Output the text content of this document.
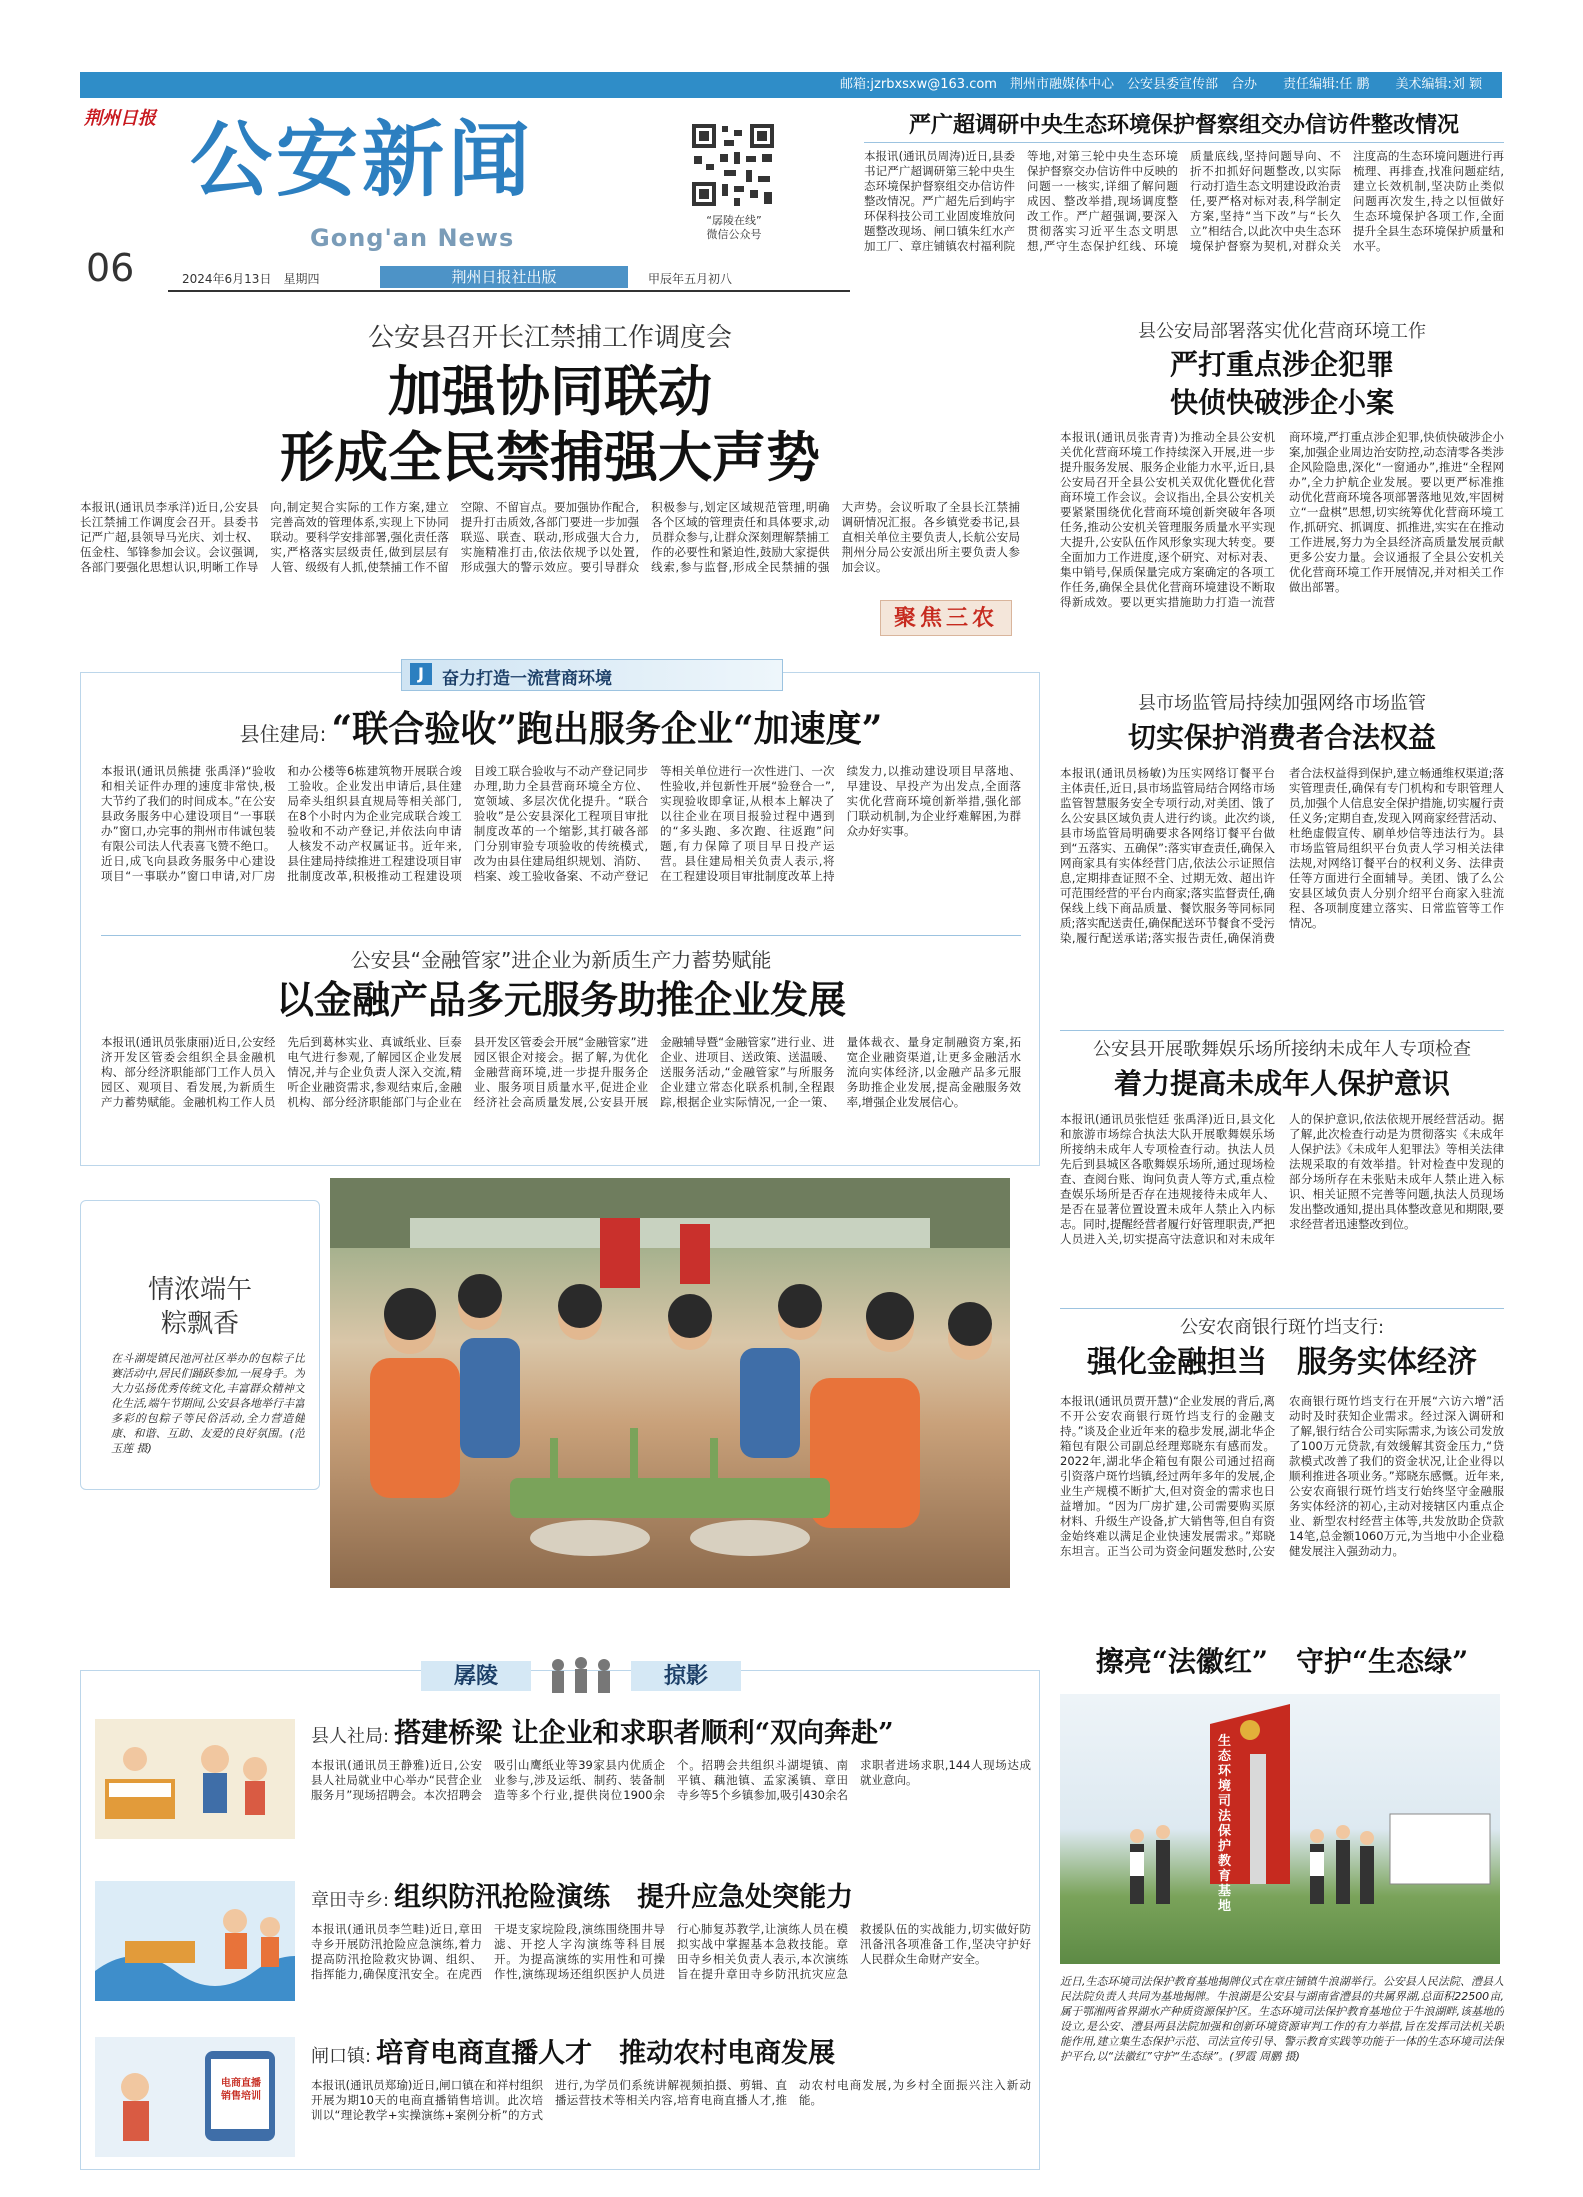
邮箱:jzrbxsxw@163.com　荆州市融媒体中心　公安县委宣传部　合办　　责任编辑:任 鹏　　美术编辑:刘 颖
荆州日报 公安新闻
Gong'an News
“孱陵在线”
微信公众号
06	2024年6月13日　星期四	荆州日报社出版	甲辰年五月初八
严广超调研中央生态环境保护督察组交办信访件整改情况
本报讯(通讯员周涛)近日,县委书记严广超调研第三轮中央生态环境保护督察组交办信访件整改情况。严广超先后到屿宇环保科技公司工业固废堆放问题整改现场、闸口镇朱红水产加工厂、章庄铺镇农村福利院等地,对第三轮中央生态环境保护督察交办信访件中反映的问题一一核实,详细了解问题成因、整改举措,现场调度整改工作。严广超强调,要深入贯彻落实习近平生态文明思想,严守生态保护红线、环境质量底线,坚持问题导向、不折不扣抓好问题整改,以实际行动打造生态文明建设政治责任,要严格对标对表,科学制定方案,坚持“当下改”与“长久立”相结合,以此次中央生态环境保护督察为契机,对群众关注度高的生态环境问题进行再梳理、再排查,找准问题症结,建立长效机制,坚决防止类似问题再次发生,持之以恒做好生态环境保护各项工作,全面提升全县生态环境保护质量和水平。
公安县召开长江禁捕工作调度会
加强协同联动
形成全民禁捕强大声势
本报讯(通讯员李承洋)近日,公安县长江禁捕工作调度会召开。县委书记严广超,县领导马光庆、刘士权、伍金柱、邹锋参加会议。会议强调,各部门要强化思想认识,明晰工作导向,制定契合实际的工作方案,建立完善高效的管理体系,实现上下协同联动。要科学安排部署,强化责任落实,严格落实层级责任,做到层层有人管、级级有人抓,使禁捕工作不留空隙、不留盲点。要加强协作配合,提升打击质效,各部门要进一步加强联巡、联查、联动,形成强大合力,实施精准打击,依法依规予以处置,形成强大的警示效应。要引导群众积极参与,划定区域规范管理,明确各个区域的管理责任和具体要求,动员群众参与,让群众深刻理解禁捕工作的必要性和紧迫性,鼓励大家提供线索,参与监督,形成全民禁捕的强大声势。会议听取了全县长江禁捕调研情况汇报。各乡镇党委书记,县直相关单位主要负责人,长航公安局荆州分局公安派出所主要负责人参加会议。
聚焦三农
县公安局部署落实优化营商环境工作
严打重点涉企犯罪
快侦快破涉企小案
本报讯(通讯员张青青)为推动全县公安机关优化营商环境工作持续深入开展,进一步提升服务发展、服务企业能力水平,近日,县公安局召开全县公安机关双优化暨优化营商环境工作会议。会议指出,全县公安机关要紧紧围绕优化营商环境创新突破年各项任务,推动公安机关管理服务质量水平实现大提升,公安队伍作风形象实现大转变。要全面加力工作进度,逐个研究、对标对表、集中销号,保质保量完成方案确定的各项工作任务,确保全县优化营商环境建设不断取得新成效。要以更实措施助力打造一流营商环境,严打重点涉企犯罪,快侦快破涉企小案,加强企业周边治安防控,动态清零各类涉企风险隐患,深化“一窗通办”,推进“全程网办”,全力护航企业发展。要以更严标准推动优化营商环境各项部署落地见效,牢固树立“一盘棋”思想,切实统筹优化营商环境工作,抓研究、抓调度、抓推进,实实在在推动工作进展,努力为全县经济高质量发展贡献更多公安力量。会议通报了全县公安机关优化营商环境工作开展情况,并对相关工作做出部署。
J	奋力打造一流营商环境
县住建局: “联合验收”跑出服务企业“加速度”
本报讯(通讯员熊捷 张禹泽)“验收和相关证件办理的速度非常快,极大节约了我们的时间成本。”在公安县政务服务中心建设项目“一事联办”窗口,办完事的荆州市伟诚包装有限公司法人代表喜飞赞不绝口。近日,成飞向县政务服务中心建设项目“一事联办”窗口申请,对厂房和办公楼等6栋建筑物开展联合竣工验收。企业发出申请后,县住建局牵头组织县直规局等相关部门,在8个小时内为企业完成联合竣工验收和不动产登记,并依法向申请人核发不动产权属证书。近年来,县住建局持续推进工程建设项目审批制度改革,积极推动工程建设项目竣工联合验收与不动产登记同步办理,助力全县营商环境全方位、宽领域、多层次优化提升。“联合验收”是公安县深化工程项目审批制度改革的一个缩影,其打破各部门分别审验专项验收的传统模式,改为由县住建局组织规划、消防、档案、竣工验收备案、不动产登记等相关单位进行一次性进门、一次性验收,并包新性开展“验登合一”,实现验收即拿证,从根本上解决了以往企业在项目报验过程中遇到的“多头跑、多次跑、往返跑”问题,有力保障了项目早日投产运营。县住建局相关负责人表示,将在工程建设项目审批制度改革上持续发力,以推动建设项目早落地、早建设、早投产为出发点,全面落实优化营商环境创新举措,强化部门联动机制,为企业纾难解困,为群众办好实事。
公安县“金融管家”进企业为新质生产力蓄势赋能
以金融产品多元服务助推企业发展
本报讯(通讯员张康丽)近日,公安经济开发区管委会组织全县金融机构、部分经济职能部门工作人员入园区、观项目、看发展,为新质生产力蓄势赋能。金融机构工作人员先后到葛林实业、真诚纸业、巨泰电气进行参观,了解园区企业发展情况,并与企业负责人深入交流,精听企业融资需求,参观结束后,金融机构、部分经济职能部门与企业在县开发区管委会开展“金融管家”进园区银企对接会。据了解,为优化金融营商环境,进一步提升服务企业、服务项目质量水平,促进企业经济社会高质量发展,公安县开展金融辅导暨“金融管家”进行业、进企业、进项目、送政策、送温暖、送服务活动,“金融管家”与所服务企业建立常态化联系机制,全程跟踪,根据企业实际情况,一企一策、量体裁衣、量身定制融资方案,拓宽企业融资渠道,让更多金融活水流向实体经济,以金融产品多元服务助推企业发展,提高金融服务效率,增强企业发展信心。
县市场监管局持续加强网络市场监管
切实保护消费者合法权益
本报讯(通讯员杨敏)为压实网络订餐平台主体责任,近日,县市场监管局结合网络市场监管智慧服务安全专项行动,对美团、饿了么公安县区域负责人进行约谈。此次约谈,县市场监管局明确要求各网络订餐平台做到“五落实、五确保”:落实审查责任,确保入网商家具有实体经营门店,依法公示证照信息,定期排查证照不全、过期无效、超出许可范围经营的平台内商家;落实监督责任,确保线上线下商品质量、餐饮服务等同标同质;落实配送责任,确保配送环节餐食不受污染,履行配送承诺;落实报告责任,确保消费者合法权益得到保护,建立畅通维权渠道;落实管理责任,确保有专门机构和专职管理人员,加强个人信息安全保护措施,切实履行责任义务;定期自查,发现入网商家经营活动、杜绝虚假宣传、刷单炒信等违法行为。县市场监管局组织平台负责人学习相关法律法规,对网络订餐平台的权利义务、法律责任等方面进行全面辅导。美团、饿了么公安县区域负责人分别介绍平台商家入驻流程、各项制度建立落实、日常监管等工作情况。
公安县开展歌舞娱乐场所接纳未成年人专项检查
着力提高未成年人保护意识
本报讯(通讯员张恺廷 张禹泽)近日,县文化和旅游市场综合执法大队开展歌舞娱乐场所接纳未成年人专项检查行动。执法人员先后到县城区各歌舞娱乐场所,通过现场检查、查阅台账、询问负责人等方式,重点检查娱乐场所是否存在违规接待未成年人、是否在显著位置设置未成年人禁止入内标志。同时,提醒经营者履行好管理职责,严把人员进入关,切实提高守法意识和对未成年人的保护意识,依法依规开展经营活动。据了解,此次检查行动是为贯彻落实《未成年人保护法》《未成年人犯罪法》等相关法律法规采取的有效举措。针对检查中发现的部分场所存在未张贴未成年人禁止进入标识、相关证照不完善等问题,执法人员现场发出整改通知,提出具体整改意见和期限,要求经营者迅速整改到位。
公安农商银行斑竹垱支行:
强化金融担当　服务实体经济
本报讯(通讯员贾开慧)“企业发展的背后,离不开公安农商银行斑竹垱支行的金融支持。”谈及企业近年来的稳步发展,湖北华企箱包有限公司副总经理郑晓东有感而发。2022年,湖北华企箱包有限公司通过招商引资落户斑竹垱镇,经过两年多年的发展,企业生产规模不断扩大,但对资金的需求也日益增加。“因为厂房扩建,公司需要购买原材料、升级生产设备,扩大销售等,但自有资金始终难以满足企业快速发展需求。”郑晓东坦言。正当公司为资金问题发愁时,公安农商银行斑竹垱支行在开展“六访六增”活动时及时获知企业需求。经过深入调研和了解,银行结合公司实际需求,为该公司发放了100万元贷款,有效缓解其资金压力,“贷款模式改善了我们的资金状况,让企业得以顺利推进各项业务。”郑晓东感慨。近年来,公安农商银行斑竹垱支行始终坚守金融服务实体经济的初心,主动对接辖区内重点企业、新型农村经营主体等,共发放助企贷款14笔,总金额1060万元,为当地中小企业稳健发展注入强劲动力。
情浓端午
粽飘香
在斗湖堤镇民池河社区举办的包粽子比赛活动中,居民们踊跃参加,一展身手。为大力弘扬优秀传统文化,丰富群众精神文化生活,端午节期间,公安县各地举行丰富多彩的包粽子等民俗活动,全力营造健康、和谐、互助、友爱的良好氛围。(范玉莲 摄)
孱陵	掠影
县人社局: 搭建桥梁 让企业和求职者顺利“双向奔赴”
本报讯(通讯员王静雅)近日,公安县人社局就业中心举办“民营企业服务月”现场招聘会。本次招聘会吸引山鹰纸业等39家县内优质企业参与,涉及运纸、制药、装备制造等多个行业,提供岗位1900余个。招聘会共组织斗湖堤镇、南平镇、藕池镇、孟家溪镇、章田寺乡等5个乡镇参加,吸引430余名求职者进场求职,144人现场达成就业意向。
章田寺乡: 组织防汛抢险演练　提升应急处突能力
本报讯(通讯员李竺畦)近日,章田寺乡开展防汛抢险应急演练,着力提高防汛抢险救灾协调、组织、指挥能力,确保度汛安全。在虎西干堤支家垸险段,演练围绕围井导滤、开挖人字沟演练等科目展开。为提高演练的实用性和可操作性,演练现场还组织医护人员进行心肺复苏教学,让演练人员在模拟实战中掌握基本急救技能。章田寺乡相关负责人表示,本次演练旨在提升章田寺乡防汛抗灾应急救援队伍的实战能力,切实做好防汛备汛各项准备工作,坚决守护好人民群众生命财产安全。
电商直播
销售培训
闸口镇: 培育电商直播人才　推动农村电商发展
本报讯(通讯员郑瑜)近日,闸口镇在和祥村组织开展为期10天的电商直播销售培训。此次培训以“理论教学+实操演练+案例分析”的方式进行,为学员们系统讲解视频拍摄、剪辑、直播运营技术等相关内容,培育电商直播人才,推动农村电商发展,为乡村全面振兴注入新动能。
擦亮“法徽红”　守护“生态绿”
生态环境司法保护教育基地
近日,生态环境司法保护教育基地揭牌仪式在章庄铺镇牛浪湖举行。公安县人民法院、澧县人民法院负责人共同为基地揭牌。牛浪湖是公安县与湖南省澧县的共属界湖,总面积22500亩,属于鄂湘两省界湖水产种质资源保护区。生态环境司法保护教育基地位于牛浪湖畔,该基地的设立,是公安、澧县两县法院加强和创新环境资源审判工作的有力举措,旨在发挥司法机关职能作用,建立集生态保护示范、司法宣传引导、警示教育实践等功能于一体的生态环境司法保护平台,以“法徽红”守护“生态绿”。(罗霞 周鹏 摄)
